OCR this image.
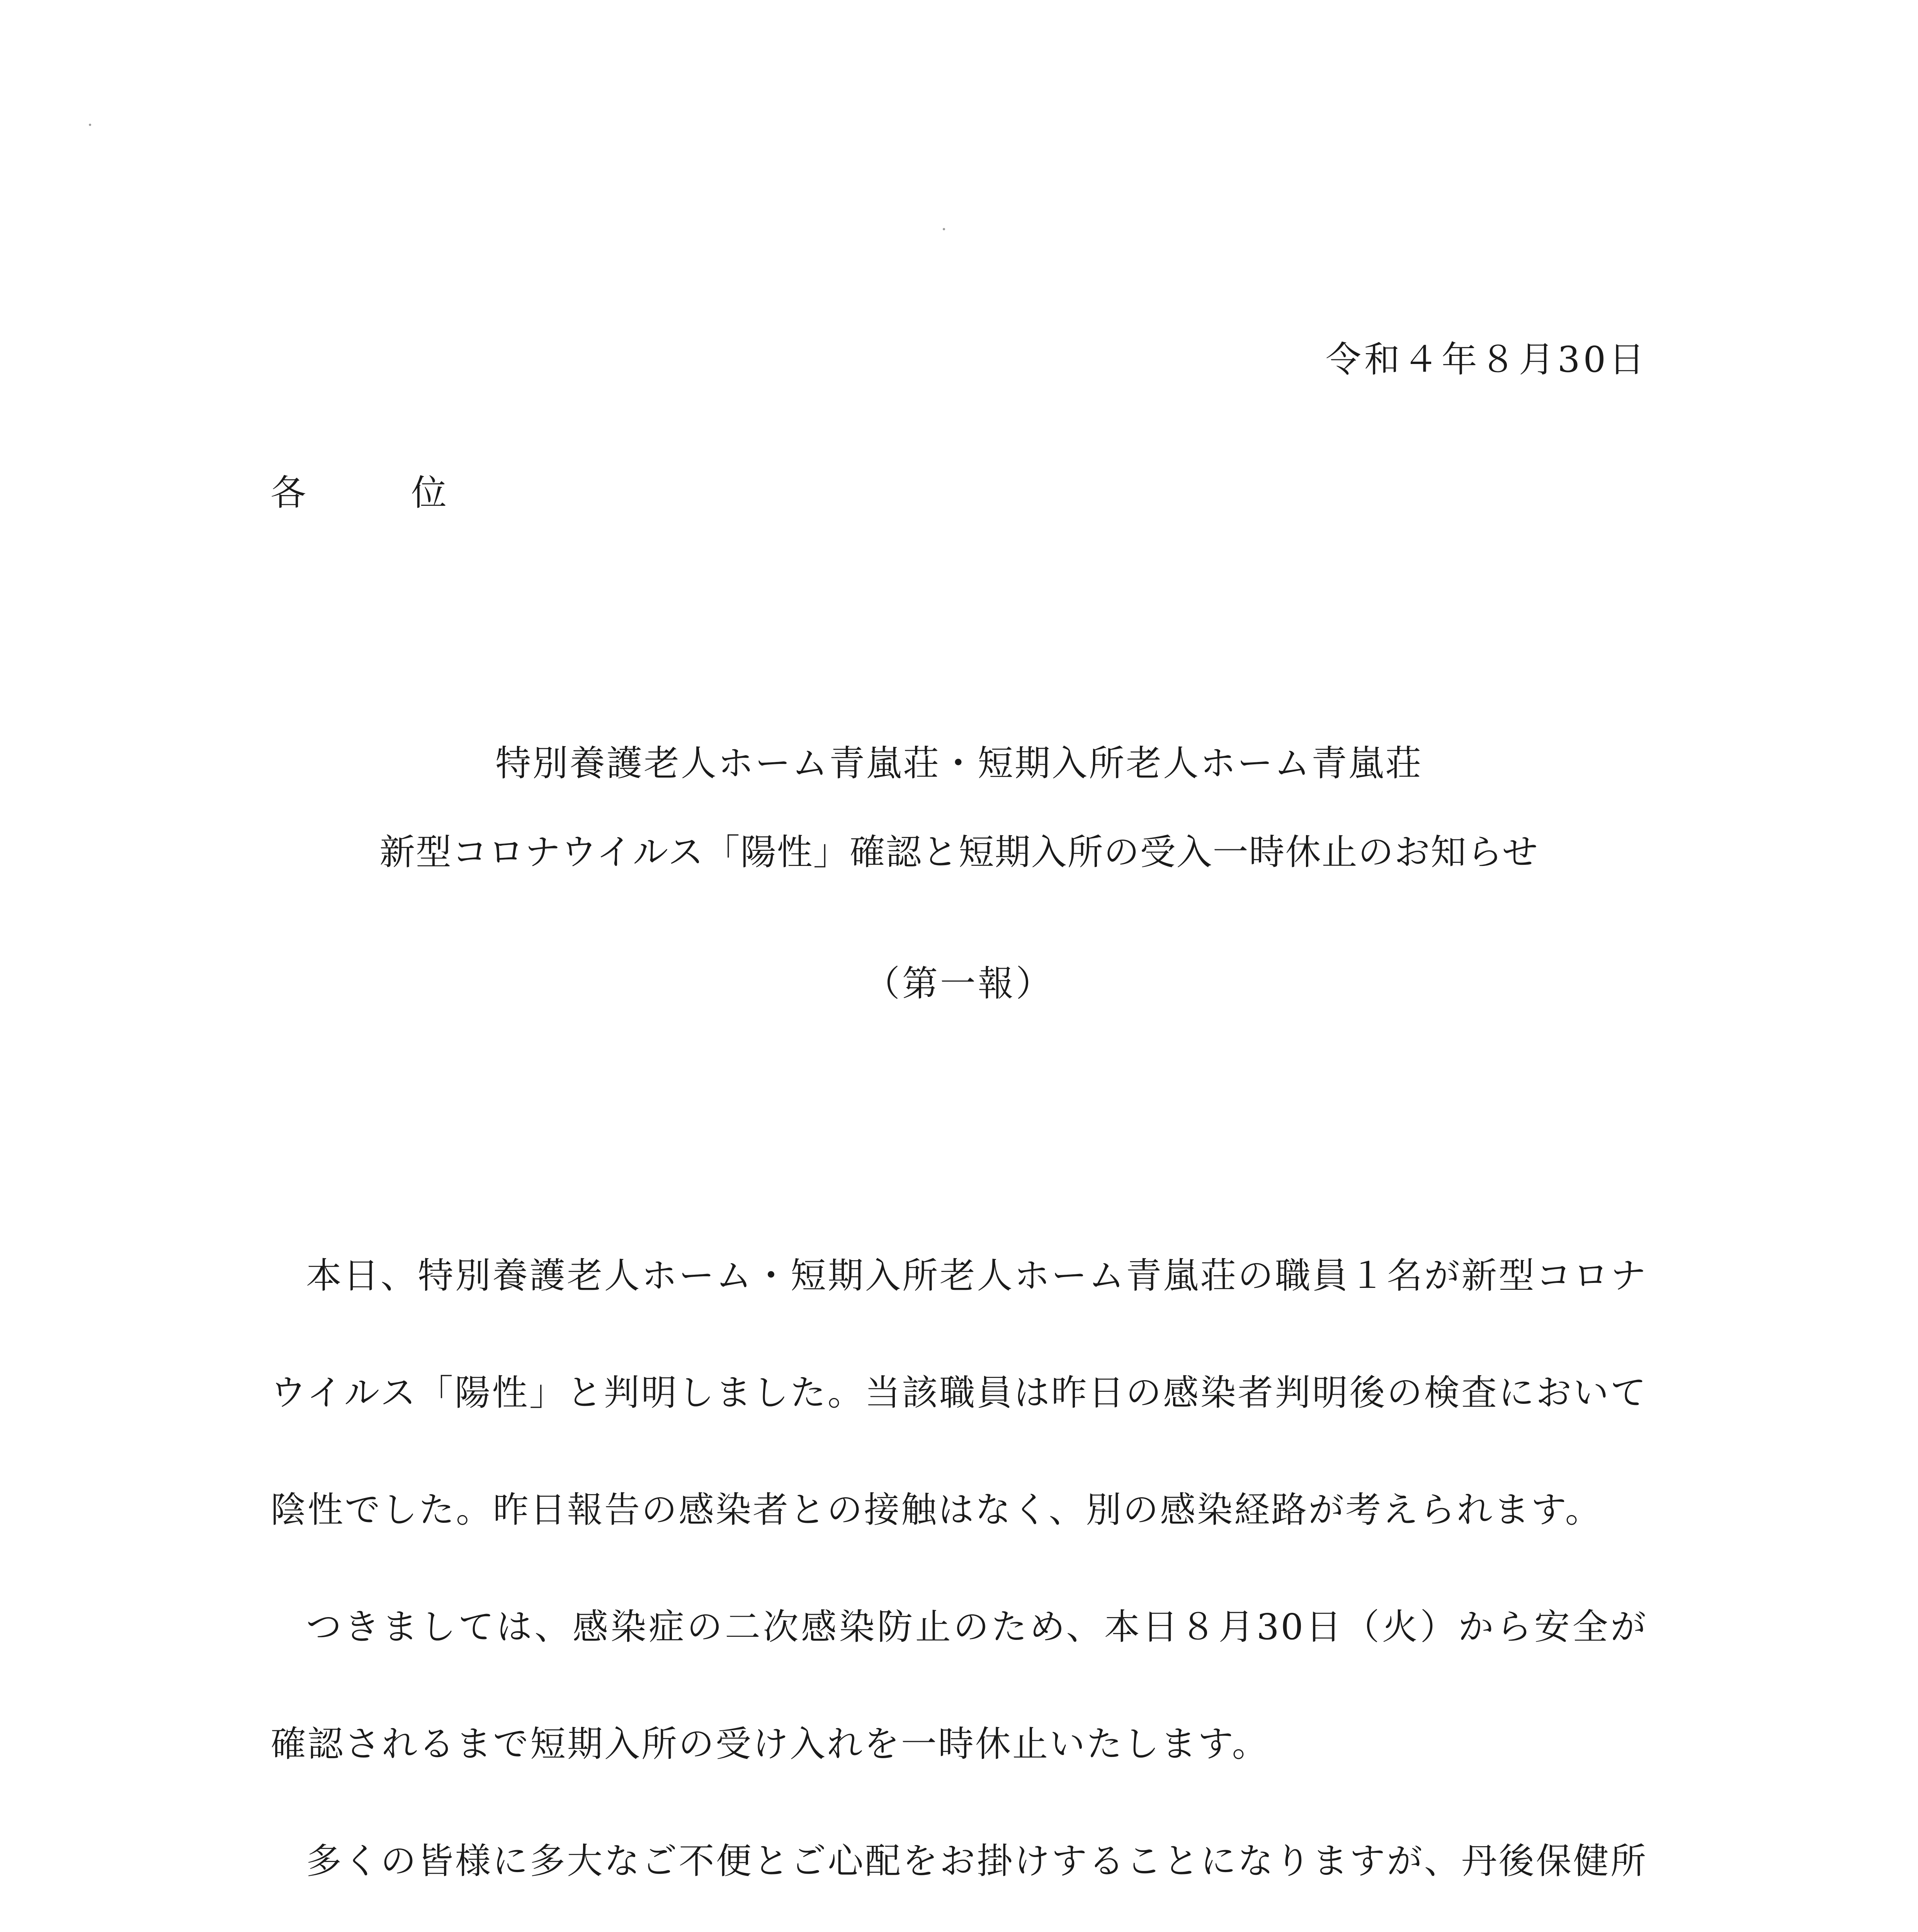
令和４年８月30日
各　位
特別養護老人ホーム青嵐荘・短期入所老人ホーム青嵐荘
新型コロナウイルス「陽性」確認と短期入所の受入一時休止のお知らせ
（第一報）

本日、特別養護老人ホーム・短期入所老人ホーム青嵐荘の職員１名が新型コロナウイルス「陽性」と判明しました。当該職員は昨日の感染者判明後の検査において陰性でした。昨日報告の感染者との接触はなく、別の感染経路が考えられます。

つきましては、感染症の二次感染防止のため、本日８月30日（火）から安全が確認されるまで短期入所の受け入れを一時休止いたします。

多くの皆様に多大なご不便とご心配をお掛けすることになりますが、丹後保健所
